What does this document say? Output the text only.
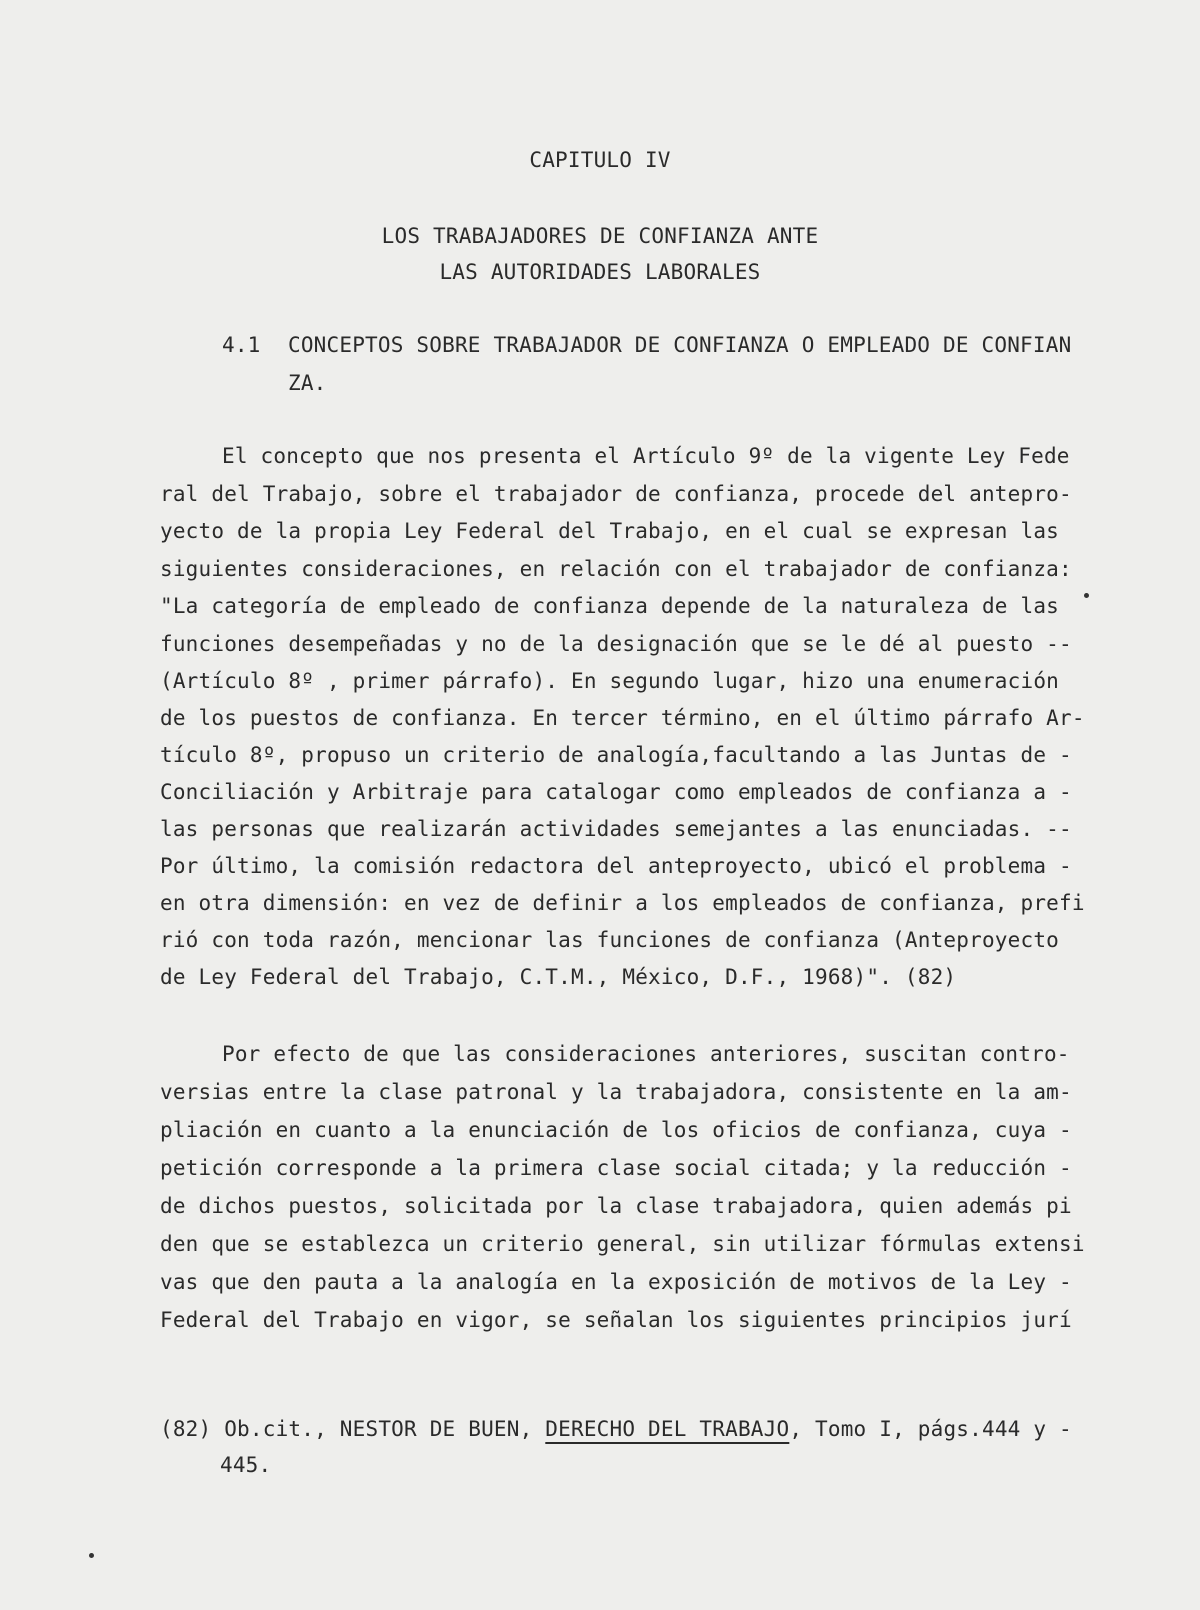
CAPITULO IV
LOS TRABAJADORES DE CONFIANZA ANTE
LAS AUTORIDADES LABORALES
4.1 CONCEPTOS SOBRE TRABAJADOR DE CONFIANZA O EMPLEADO DE CONFIAN
ZA.
El concepto que nos presenta el Artículo 9º de la vigente Ley Fede
ral del Trabajo, sobre el trabajador de confianza, procede del antepro-
yecto de la propia Ley Federal del Trabajo, en el cual se expresan las
siguientes consideraciones, en relación con el trabajador de confianza:
"La categoría de empleado de confianza depende de la naturaleza de las
funciones desempeñadas y no de la designación que se le dé al puesto --
(Artículo 8º , primer párrafo). En segundo lugar, hizo una enumeración
de los puestos de confianza. En tercer término, en el último párrafo Ar-
tículo 8º, propuso un criterio de analogía,facultando a las Juntas de -
Conciliación y Arbitraje para catalogar como empleados de confianza a -
las personas que realizarán actividades semejantes a las enunciadas. --
Por último, la comisión redactora del anteproyecto, ubicó el problema -
en otra dimensión: en vez de definir a los empleados de confianza, prefi
rió con toda razón, mencionar las funciones de confianza (Anteproyecto
de Ley Federal del Trabajo, C.T.M., México, D.F., 1968)". (82)
Por efecto de que las consideraciones anteriores, suscitan contro-
versias entre la clase patronal y la trabajadora, consistente en la am-
pliación en cuanto a la enunciación de los oficios de confianza, cuya -
petición corresponde a la primera clase social citada; y la reducción -
de dichos puestos, solicitada por la clase trabajadora, quien además pi
den que se establezca un criterio general, sin utilizar fórmulas extensi
vas que den pauta a la analogía en la exposición de motivos de la Ley -
Federal del Trabajo en vigor, se señalan los siguientes principios jurí
(82) Ob.cit., NESTOR DE BUEN, DERECHO DEL TRABAJO, Tomo I, págs.444 y -
445.
